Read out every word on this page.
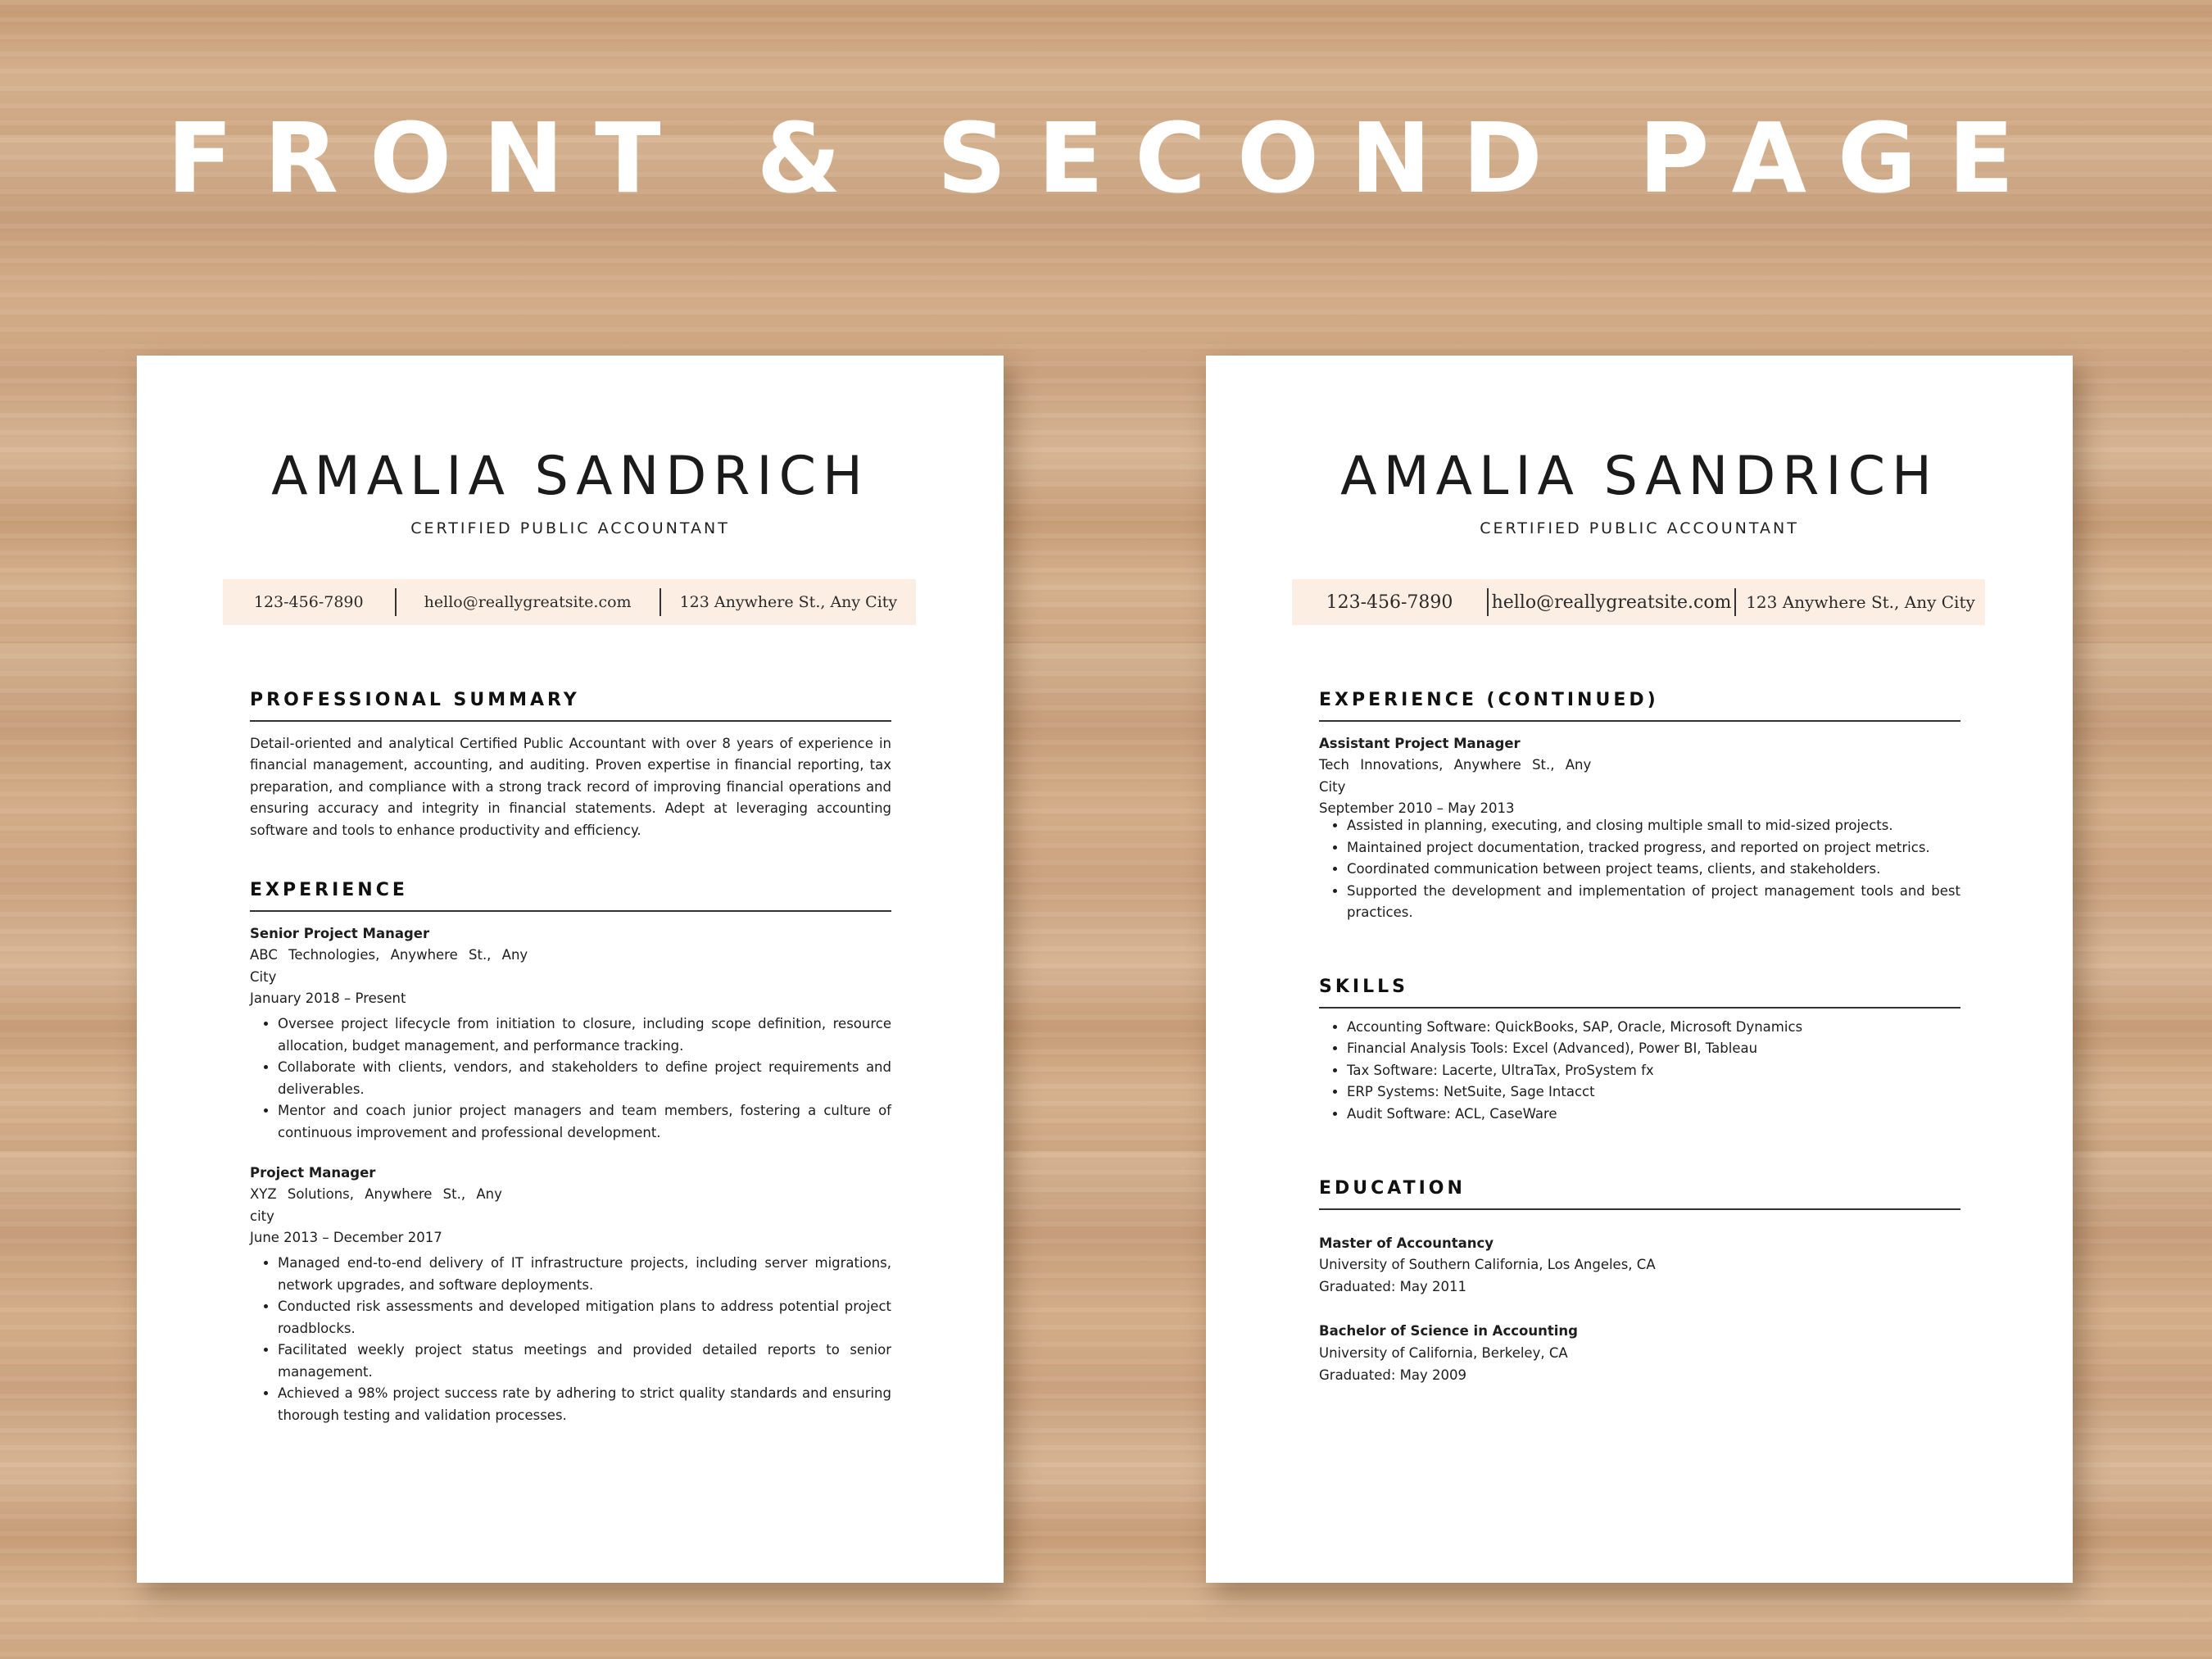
FRONT & SECOND PAGE
AMALIA SANDRICH
CERTIFIED PUBLIC ACCOUNTANT
123-456-7890	hello@reallygreatsite.com	123 Anywhere St., Any City
PROFESSIONAL SUMMARY
Detail-oriented and analytical Certified Public Accountant with over 8 years of experience in financial management, accounting, and auditing. Proven expertise in financial reporting, tax preparation, and compliance with a strong track record of improving financial operations and ensuring accuracy and integrity in financial statements. Adept at leveraging accounting software and tools to enhance productivity and efficiency.
EXPERIENCE
Senior Project Manager
ABC Technologies, Anywhere St., Any
City
January 2018 – Present
• Oversee project lifecycle from initiation to closure, including scope definition, resource allocation, budget management, and performance tracking.
• Collaborate with clients, vendors, and stakeholders to define project requirements and deliverables.
• Mentor and coach junior project managers and team members, fostering a culture of continuous improvement and professional development.
Project Manager
XYZ Solutions, Anywhere St., Any
city
June 2013 – December 2017
• Managed end-to-end delivery of IT infrastructure projects, including server migrations, network upgrades, and software deployments.
• Conducted risk assessments and developed mitigation plans to address potential project roadblocks.
• Facilitated weekly project status meetings and provided detailed reports to senior management.
• Achieved a 98% project success rate by adhering to strict quality standards and ensuring thorough testing and validation processes.
AMALIA SANDRICH
CERTIFIED PUBLIC ACCOUNTANT
123-456-7890	hello@reallygreatsite.com 123 Anywhere St., Any City
EXPERIENCE (CONTINUED)
Assistant Project Manager
Tech Innovations, Anywhere St., Any
City
September 2010 – May 2013
• Assisted in planning, executing, and closing multiple small to mid-sized projects.
• Maintained project documentation, tracked progress, and reported on project metrics.
• Coordinated communication between project teams, clients, and stakeholders.
• Supported the development and implementation of project management tools and best practices.
SKILLS
• Accounting Software: QuickBooks, SAP, Oracle, Microsoft Dynamics
• Financial Analysis Tools: Excel (Advanced), Power BI, Tableau
• Tax Software: Lacerte, UltraTax, ProSystem fx
• ERP Systems: NetSuite, Sage Intacct
• Audit Software: ACL, CaseWare
EDUCATION
Master of Accountancy
University of Southern California, Los Angeles, CA
Graduated: May 2011
Bachelor of Science in Accounting
University of California, Berkeley, CA
Graduated: May 2009
